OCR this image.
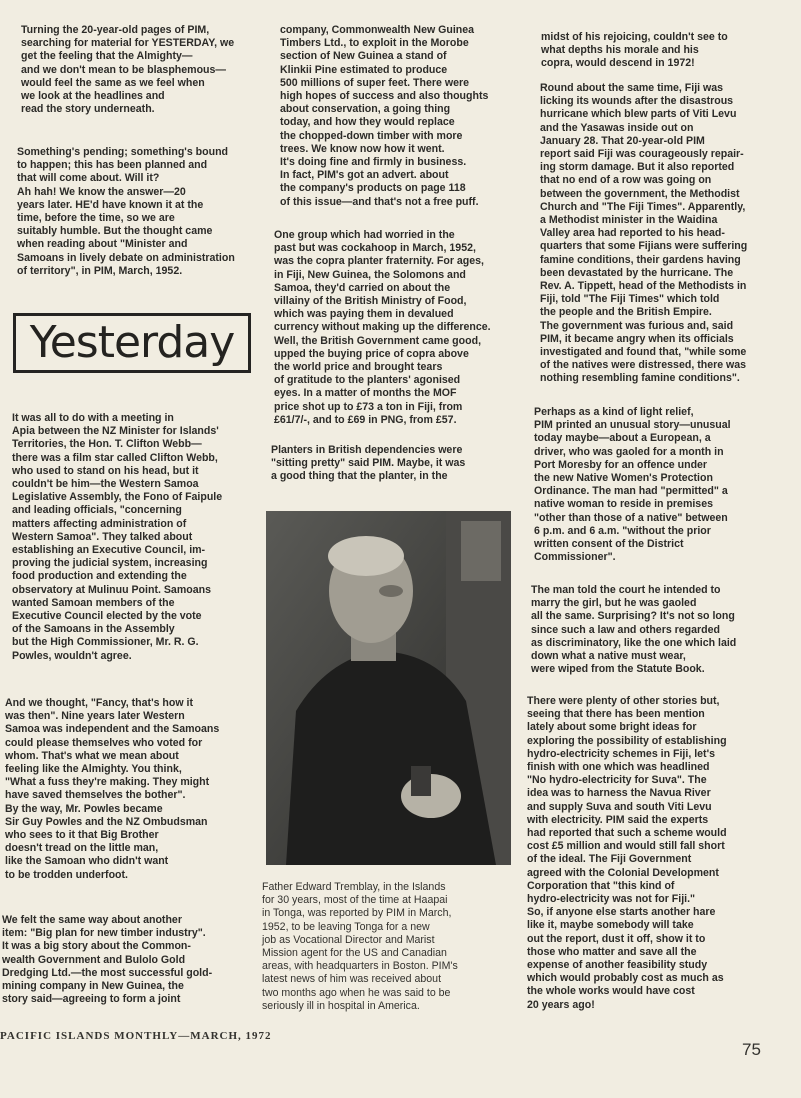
Turning the 20-year-old pages of PIM,
searching for material for YESTERDAY, we
get the feeling that the Almighty—
and we don't mean to be blasphemous—
would feel the same as we feel when
we look at the headlines and
read the story underneath.
Something's pending; something's bound
to happen; this has been planned and
that will come about. Will it?
Ah hah! We know the answer—20
years later. HE'd have known it at the
time, before the time, so we are
suitably humble. But the thought came
when reading about "Minister and
Samoans in lively debate on administration
of territory", in PIM, March, 1952.
Yesterday
It was all to do with a meeting in
Apia between the NZ Minister for Islands'
Territories, the Hon. T. Clifton Webb—
there was a film star called Clifton Webb,
who used to stand on his head, but it
couldn't be him—the Western Samoa
Legislative Assembly, the Fono of Faipule
and leading officials, "concerning
matters affecting administration of
Western Samoa". They talked about
establishing an Executive Council, im-
proving the judicial system, increasing
food production and extending the
observatory at Mulinuu Point. Samoans
wanted Samoan members of the
Executive Council elected by the vote
of the Samoans in the Assembly
but the High Commissioner, Mr. R. G.
Powles, wouldn't agree.
And we thought, "Fancy, that's how it
was then". Nine years later Western
Samoa was independent and the Samoans
could please themselves who voted for
whom. That's what we mean about
feeling like the Almighty. You think,
"What a fuss they're making. They might
have saved themselves the bother".
By the way, Mr. Powles became
Sir Guy Powles and the NZ Ombudsman
who sees to it that Big Brother
doesn't tread on the little man,
like the Samoan who didn't want
to be trodden underfoot.
We felt the same way about another
item: "Big plan for new timber industry".
It was a big story about the Common-
wealth Government and Bulolo Gold
Dredging Ltd.—the most successful gold-
mining company in New Guinea, the
story said—agreeing to form a joint
company, Commonwealth New Guinea
Timbers Ltd., to exploit in the Morobe
section of New Guinea a stand of
Klinkii Pine estimated to produce
500 millions of super feet. There were
high hopes of success and also thoughts
about conservation, a going thing
today, and how they would replace
the chopped-down timber with more
trees. We know now how it went.
It's doing fine and firmly in business.
In fact, PIM's got an advert. about
the company's products on page 118
of this issue—and that's not a free puff.
One group which had worried in the
past but was cockahoop in March, 1952,
was the copra planter fraternity. For ages,
in Fiji, New Guinea, the Solomons and
Samoa, they'd carried on about the
villainy of the British Ministry of Food,
which was paying them in devalued
currency without making up the difference.
Well, the British Government came good,
upped the buying price of copra above
the world price and brought tears
of gratitude to the planters' agonised
eyes. In a matter of months the MOF
price shot up to £73 a ton in Fiji, from
£61/7/-, and to £69 in PNG, from £57.
Planters in British dependencies were
"sitting pretty" said PIM. Maybe, it was
a good thing that the planter, in the
Father Edward Tremblay, in the Islands
for 30 years, most of the time at Haapai
in Tonga, was reported by PIM in March,
1952, to be leaving Tonga for a new
job as Vocational Director and Marist
Mission agent for the US and Canadian
areas, with headquarters in Boston. PIM's
latest news of him was received about
two months ago when he was said to be
seriously ill in hospital in America.
midst of his rejoicing, couldn't see to
what depths his morale and his
copra, would descend in 1972!
Round about the same time, Fiji was
licking its wounds after the disastrous
hurricane which blew parts of Viti Levu
and the Yasawas inside out on
January 28. That 20-year-old PIM
report said Fiji was courageously repair-
ing storm damage. But it also reported
that no end of a row was going on
between the government, the Methodist
Church and "The Fiji Times". Apparently,
a Methodist minister in the Waidina
Valley area had reported to his head-
quarters that some Fijians were suffering
famine conditions, their gardens having
been devastated by the hurricane. The
Rev. A. Tippett, head of the Methodists in
Fiji, told "The Fiji Times" which told
the people and the British Empire.
The government was furious and, said
PIM, it became angry when its officials
investigated and found that, "while some
of the natives were distressed, there was
nothing resembling famine conditions".
Perhaps as a kind of light relief,
PIM printed an unusual story—unusual
today maybe—about a European, a
driver, who was gaoled for a month in
Port Moresby for an offence under
the new Native Women's Protection
Ordinance. The man had "permitted" a
native woman to reside in premises
"other than those of a native" between
6 p.m. and 6 a.m. "without the prior
written consent of the District
Commissioner".
The man told the court he intended to
marry the girl, but he was gaoled
all the same. Surprising? It's not so long
since such a law and others regarded
as discriminatory, like the one which laid
down what a native must wear,
were wiped from the Statute Book.
There were plenty of other stories but,
seeing that there has been mention
lately about some bright ideas for
exploring the possibility of establishing
hydro-electricity schemes in Fiji, let's
finish with one which was headlined
"No hydro-electricity for Suva". The
idea was to harness the Navua River
and supply Suva and south Viti Levu
with electricity. PIM said the experts
had reported that such a scheme would
cost £5 million and would still fall short
of the ideal. The Fiji Government
agreed with the Colonial Development
Corporation that "this kind of
hydro-electricity was not for Fiji."
So, if anyone else starts another hare
like it, maybe somebody will take
out the report, dust it off, show it to
those who matter and save all the
expense of another feasibility study
which would probably cost as much as
the whole works would have cost
20 years ago!

PACIFIC ISLANDS MONTHLY—MARCH, 1972

75
